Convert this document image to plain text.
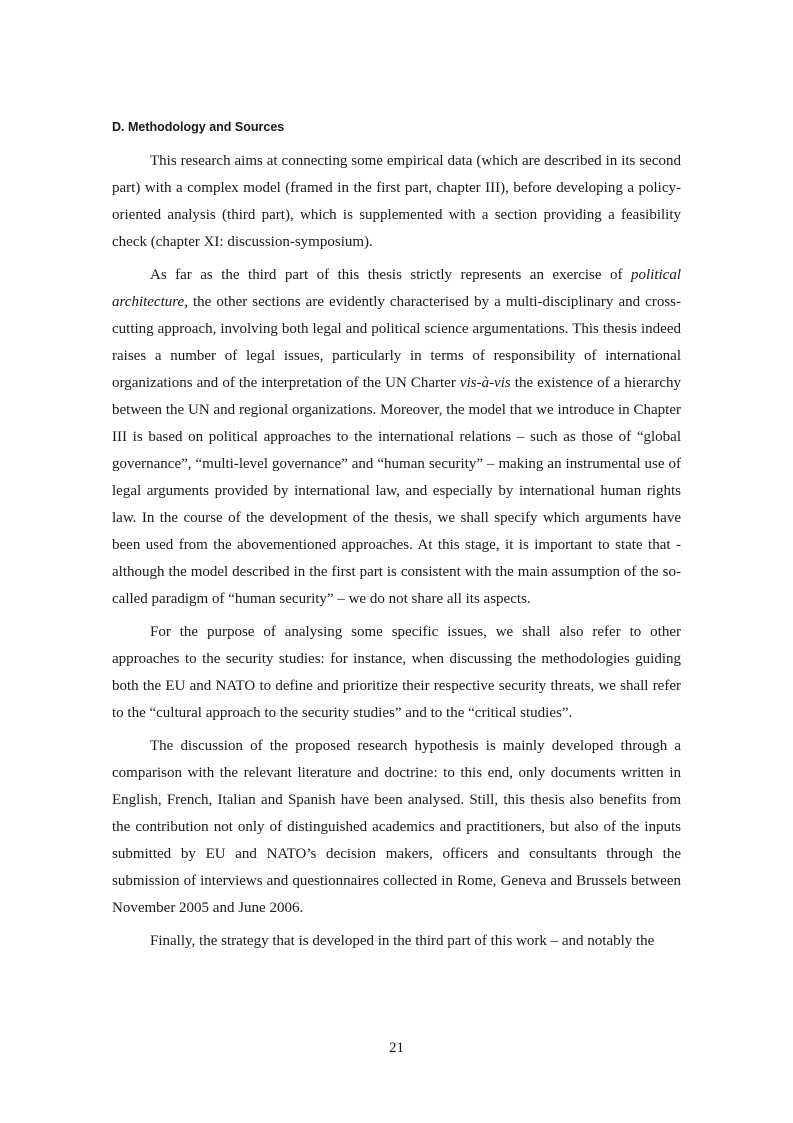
D. Methodology and Sources

This research aims at connecting some empirical data (which are described in its second part) with a complex model (framed in the first part, chapter III), before developing a policy-oriented analysis (third part), which is supplemented with a section providing a feasibility check (chapter XI: discussion-symposium).

As far as the third part of this thesis strictly represents an exercise of political architecture, the other sections are evidently characterised by a multi-disciplinary and cross-cutting approach, involving both legal and political science argumentations. This thesis indeed raises a number of legal issues, particularly in terms of responsibility of international organizations and of the interpretation of the UN Charter vis-à-vis the existence of a hierarchy between the UN and regional organizations. Moreover, the model that we introduce in Chapter III is based on political approaches to the international relations – such as those of “global governance”, “multi-level governance” and “human security” – making an instrumental use of legal arguments provided by international law, and especially by international human rights law. In the course of the development of the thesis, we shall specify which arguments have been used from the abovementioned approaches. At this stage, it is important to state that -although the model described in the first part is consistent with the main assumption of the so-called paradigm of “human security” – we do not share all its aspects.

For the purpose of analysing some specific issues, we shall also refer to other approaches to the security studies: for instance, when discussing the methodologies guiding both the EU and NATO to define and prioritize their respective security threats, we shall refer to the “cultural approach to the security studies” and to the “critical studies”.

The discussion of the proposed research hypothesis is mainly developed through a comparison with the relevant literature and doctrine: to this end, only documents written in English, French, Italian and Spanish have been analysed. Still, this thesis also benefits from the contribution not only of distinguished academics and practitioners, but also of the inputs submitted by EU and NATO’s decision makers, officers and consultants through the submission of interviews and questionnaires collected in Rome, Geneva and Brussels between November 2005 and June 2006.

Finally, the strategy that is developed in the third part of this work – and notably the

21
